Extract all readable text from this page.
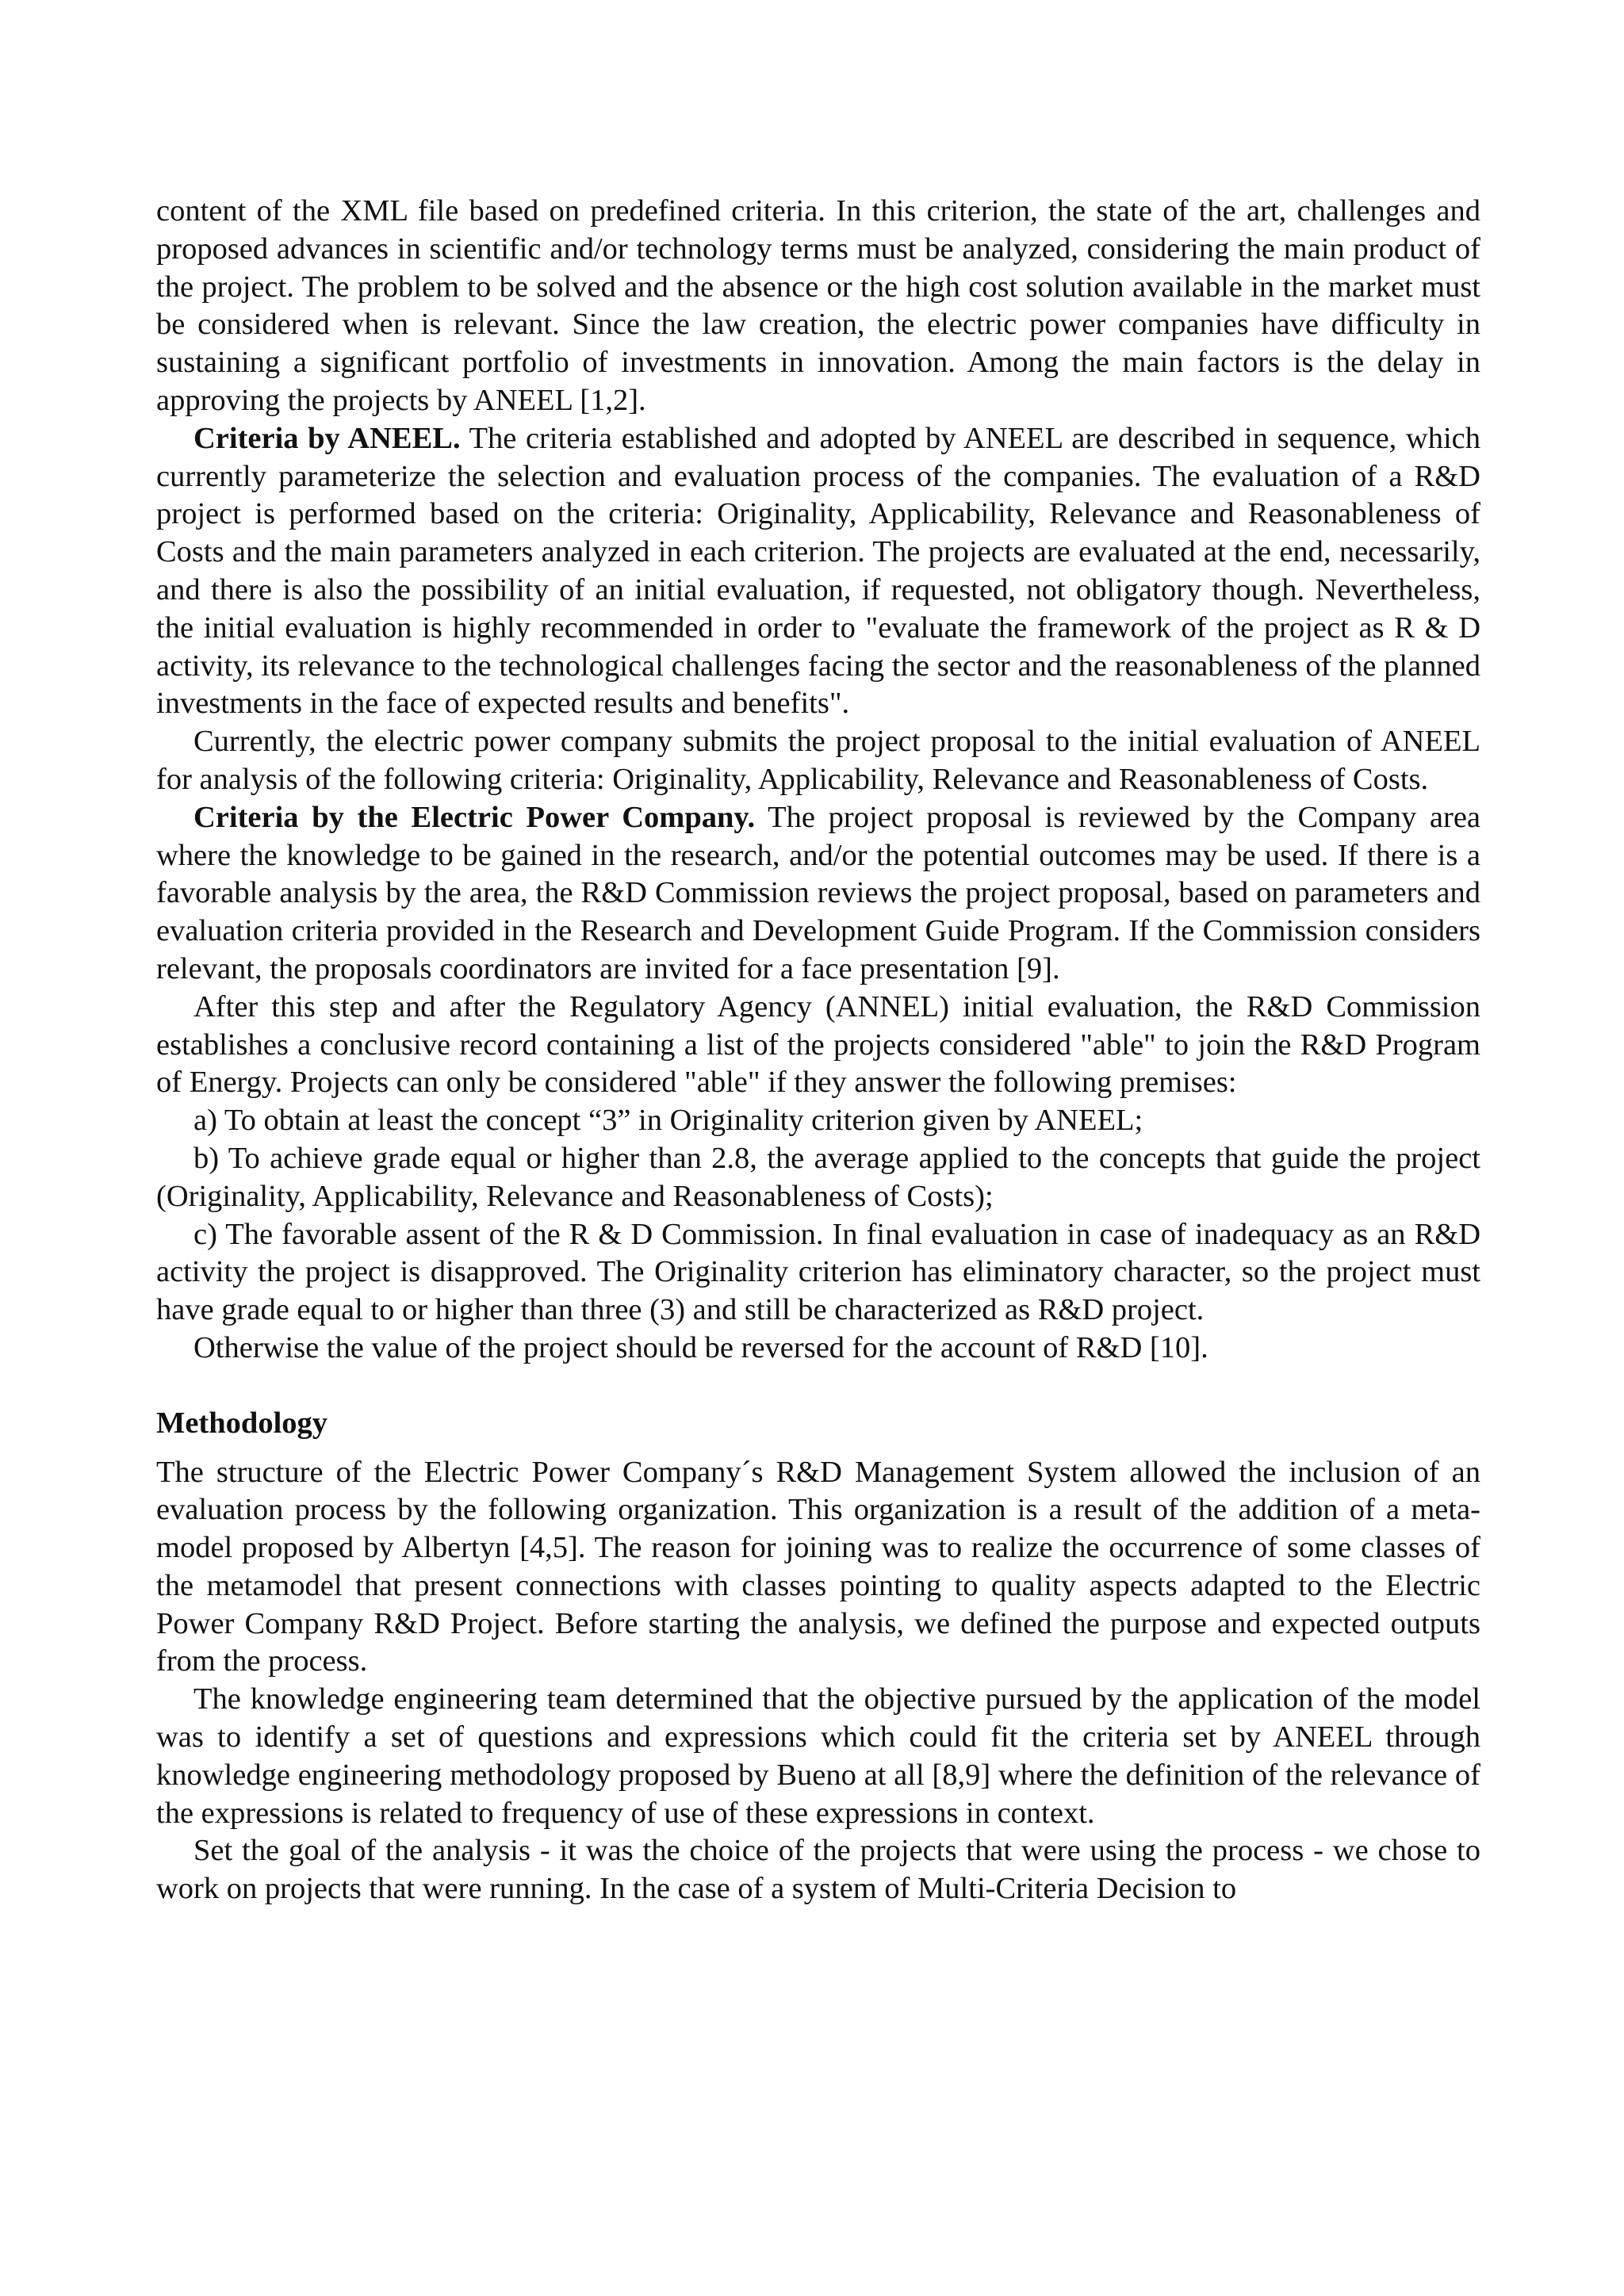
content of the XML file based on predefined criteria. In this criterion, the state of the art, challenges and proposed advances in scientific and/or technology terms must be analyzed, considering the main product of the project. The problem to be solved and the absence or the high cost solution available in the market must be considered when is relevant. Since the law creation, the electric power companies have difficulty in sustaining a significant portfolio of investments in innovation. Among the main factors is the delay in approving the projects by ANEEL [1,2].

Criteria by ANEEL. The criteria established and adopted by ANEEL are described in sequence, which currently parameterize the selection and evaluation process of the companies. The evaluation of a R&D project is performed based on the criteria: Originality, Applicability, Relevance and Reasonableness of Costs and the main parameters analyzed in each criterion. The projects are evaluated at the end, necessarily, and there is also the possibility of an initial evaluation, if requested, not obligatory though. Nevertheless, the initial evaluation is highly recommended in order to "evaluate the framework of the project as R & D activity, its relevance to the technological challenges facing the sector and the reasonableness of the planned investments in the face of expected results and benefits".

Currently, the electric power company submits the project proposal to the initial evaluation of ANEEL for analysis of the following criteria: Originality, Applicability, Relevance and Reasonableness of Costs.

Criteria by the Electric Power Company. The project proposal is reviewed by the Company area where the knowledge to be gained in the research, and/or the potential outcomes may be used. If there is a favorable analysis by the area, the R&D Commission reviews the project proposal, based on parameters and evaluation criteria provided in the Research and Development Guide Program. If the Commission considers relevant, the proposals coordinators are invited for a face presentation [9].

After this step and after the Regulatory Agency (ANNEL) initial evaluation, the R&D Commission establishes a conclusive record containing a list of the projects considered "able" to join the R&D Program of Energy. Projects can only be considered "able" if they answer the following premises:

a) To obtain at least the concept “3” in Originality criterion given by ANEEL;

b) To achieve grade equal or higher than 2.8, the average applied to the concepts that guide the project (Originality, Applicability, Relevance and Reasonableness of Costs);

c) The favorable assent of the R & D Commission. In final evaluation in case of inadequacy as an R&D activity the project is disapproved. The Originality criterion has eliminatory character, so the project must have grade equal to or higher than three (3) and still be characterized as R&D project.

Otherwise the value of the project should be reversed for the account of R&D [10].

Methodology

The structure of the Electric Power Company´s R&D Management System allowed the inclusion of an evaluation process by the following organization. This organization is a result of the addition of a meta-model proposed by Albertyn [4,5]. The reason for joining was to realize the occurrence of some classes of the metamodel that present connections with classes pointing to quality aspects adapted to the Electric Power Company R&D Project. Before starting the analysis, we defined the purpose and expected outputs from the process.

The knowledge engineering team determined that the objective pursued by the application of the model was to identify a set of questions and expressions which could fit the criteria set by ANEEL through knowledge engineering methodology proposed by Bueno at all [8,9] where the definition of the relevance of the expressions is related to frequency of use of these expressions in context.

Set the goal of the analysis - it was the choice of the projects that were using the process - we chose to work on projects that were running. In the case of a system of Multi-Criteria Decision to
